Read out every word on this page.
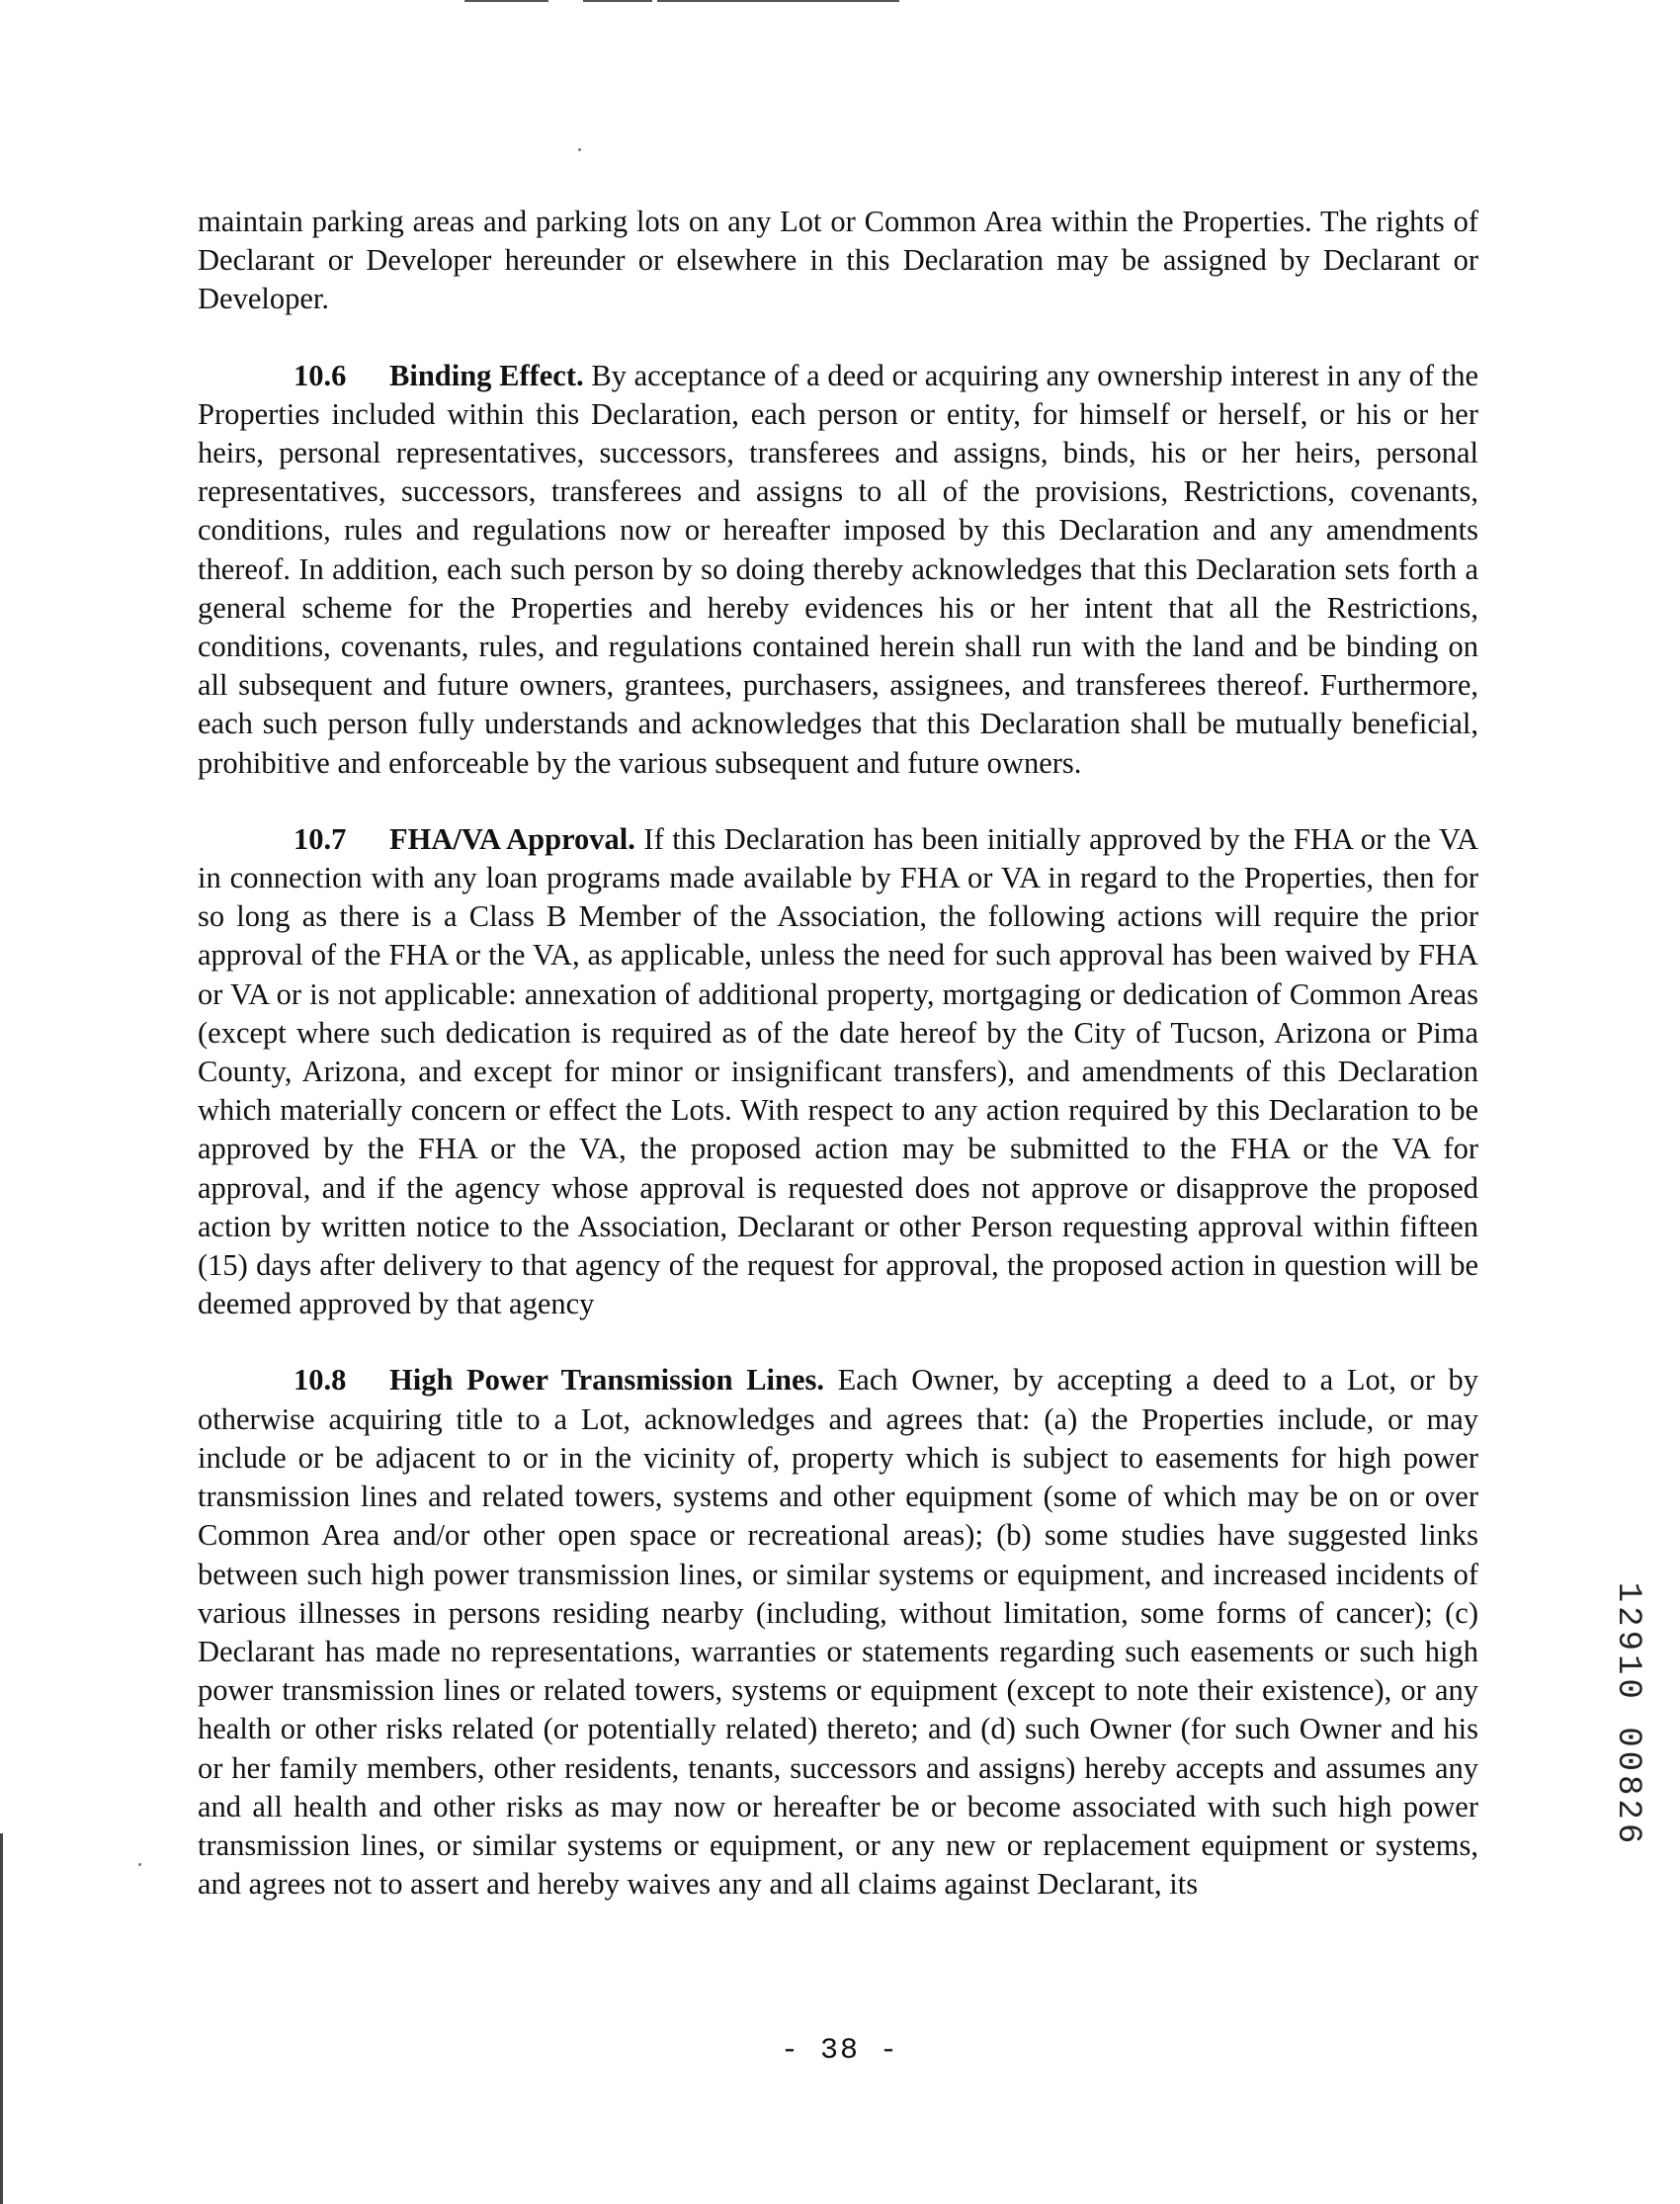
maintain parking areas and parking lots on any Lot or Common Area within the Properties. The rights of Declarant or Developer hereunder or elsewhere in this Declaration may be assigned by Declarant or Developer.

10.6 Binding Effect. By acceptance of a deed or acquiring any ownership interest in any of the Properties included within this Declaration, each person or entity, for himself or herself, or his or her heirs, personal representatives, successors, transferees and assigns, binds, his or her heirs, personal representatives, successors, transferees and assigns to all of the provisions, Restrictions, covenants, conditions, rules and regulations now or hereafter imposed by this Declaration and any amendments thereof. In addition, each such person by so doing thereby acknowledges that this Declaration sets forth a general scheme for the Properties and hereby evidences his or her intent that all the Restrictions, conditions, covenants, rules, and regulations contained herein shall run with the land and be binding on all subsequent and future owners, grantees, purchasers, assignees, and transferees thereof. Furthermore, each such person fully understands and acknowledges that this Declaration shall be mutually beneficial, prohibitive and enforceable by the various subsequent and future owners.

10.7 FHA/VA Approval. If this Declaration has been initially approved by the FHA or the VA in connection with any loan programs made available by FHA or VA in regard to the Properties, then for so long as there is a Class B Member of the Association, the following actions will require the prior approval of the FHA or the VA, as applicable, unless the need for such approval has been waived by FHA or VA or is not applicable: annexation of additional property, mortgaging or dedication of Common Areas (except where such dedication is required as of the date hereof by the City of Tucson, Arizona or Pima County, Arizona, and except for minor or insignificant transfers), and amendments of this Declaration which materially concern or effect the Lots. With respect to any action required by this Declaration to be approved by the FHA or the VA, the proposed action may be submitted to the FHA or the VA for approval, and if the agency whose approval is requested does not approve or disapprove the proposed action by written notice to the Association, Declarant or other Person requesting approval within fifteen (15) days after delivery to that agency of the request for approval, the proposed action in question will be deemed approved by that agency

10.8 High Power Transmission Lines. Each Owner, by accepting a deed to a Lot, or by otherwise acquiring title to a Lot, acknowledges and agrees that: (a) the Properties include, or may include or be adjacent to or in the vicinity of, property which is subject to easements for high power transmission lines and related towers, systems and other equipment (some of which may be on or over Common Area and/or other open space or recreational areas); (b) some studies have suggested links between such high power transmission lines, or similar systems or equipment, and increased incidents of various illnesses in persons residing nearby (including, without limitation, some forms of cancer); (c) Declarant has made no representations, warranties or statements regarding such easements or such high power transmission lines or related towers, systems or equipment (except to note their existence), or any health or other risks related (or potentially related) thereto; and (d) such Owner (for such Owner and his or her family members, other residents, tenants, successors and assigns) hereby accepts and assumes any and all health and other risks as may now or hereafter be or become associated with such high power transmission lines, or similar systems or equipment, or any new or replacement equipment or systems, and agrees not to assert and hereby waives any and all claims against Declarant, its

12910 00826
- 38 -
